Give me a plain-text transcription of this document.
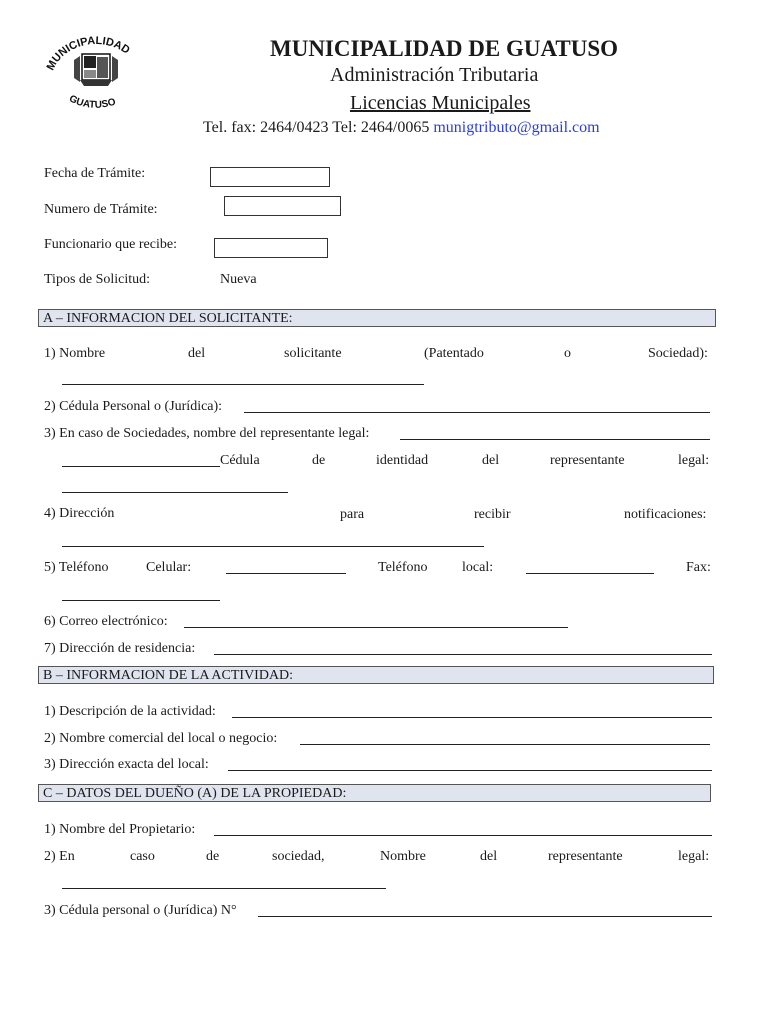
MUNICIPALIDAD
GUATUSO
MUNICIPALIDAD DE GUATUSO
Administración Tributaria
Licencias Municipales
Tel. fax: 2464/0423 Tel: 2464/0065 munigtributo@gmail.com
Fecha de Trámite:
Numero de Trámite:
Funcionario que recibe:
Tipos de Solicitud:	Nueva
A – INFORMACION DEL SOLICITANTE:
1) Nombre	del	solicitante	(Patentado	o	Sociedad):
2) Cédula Personal o (Jurídica):
3) En caso de Sociedades, nombre del representante legal:
Cédula	de	identidad	del	representante	legal:
4) Dirección	para	recibir	notificaciones:
5) Teléfono	Celular:	Teléfono local:	Fax:
6) Correo electrónico:
7) Dirección de residencia:
B – INFORMACION DE LA ACTIVIDAD:
1) Descripción de la actividad:
2) Nombre comercial del local o negocio:
3) Dirección exacta del local:
C – DATOS DEL DUEÑO (A) DE LA PROPIEDAD:
1) Nombre del Propietario:
2) En	caso	de	sociedad,	Nombre	del	representante	legal:
3) Cédula personal o (Jurídica) N°
